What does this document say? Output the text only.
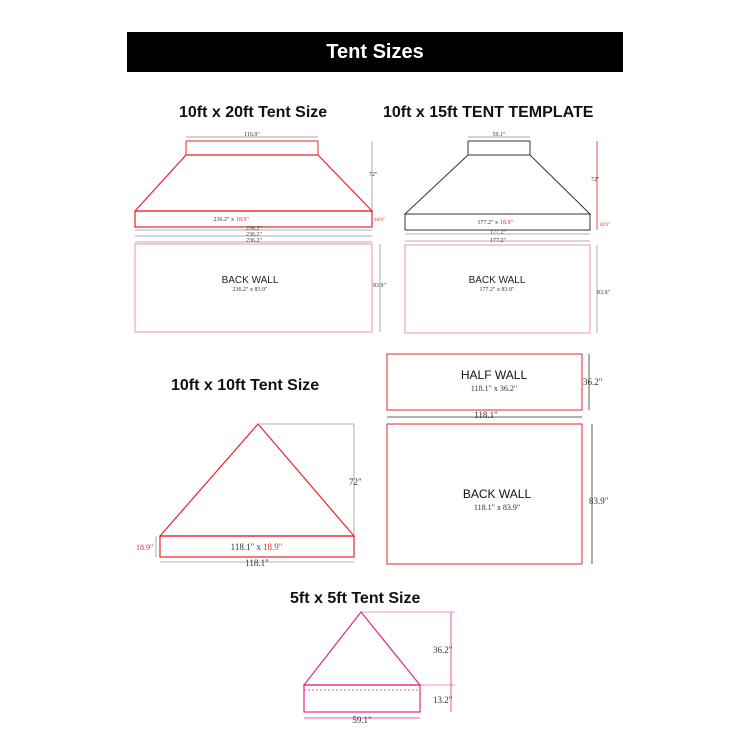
Tent Sizes
10ft x 20ft Tent Size	10ft x 15ft TENT TEMPLATE
10ft x 10ft Tent Size
5ft x 5ft Tent Size
116.9"
72"
236.2" x 18.9"	18.9"
236.2"
236.2"
236.2"
BACK WALL
236.2" x 83.9"
83.9"
59.1"
72"
177.2" x 18.9"	18.9"
177.2"
177.2"
BACK WALL
177.2" x 83.9"	83.9"
HALF WALL
118.1" x 36.2"
36.2"
118.1"
BACK WALL
118.1" x 83.9"
83.9"
72"
18.9"	118.1" x 18.9"
118.1"
36.2"
13.2"
59.1"
